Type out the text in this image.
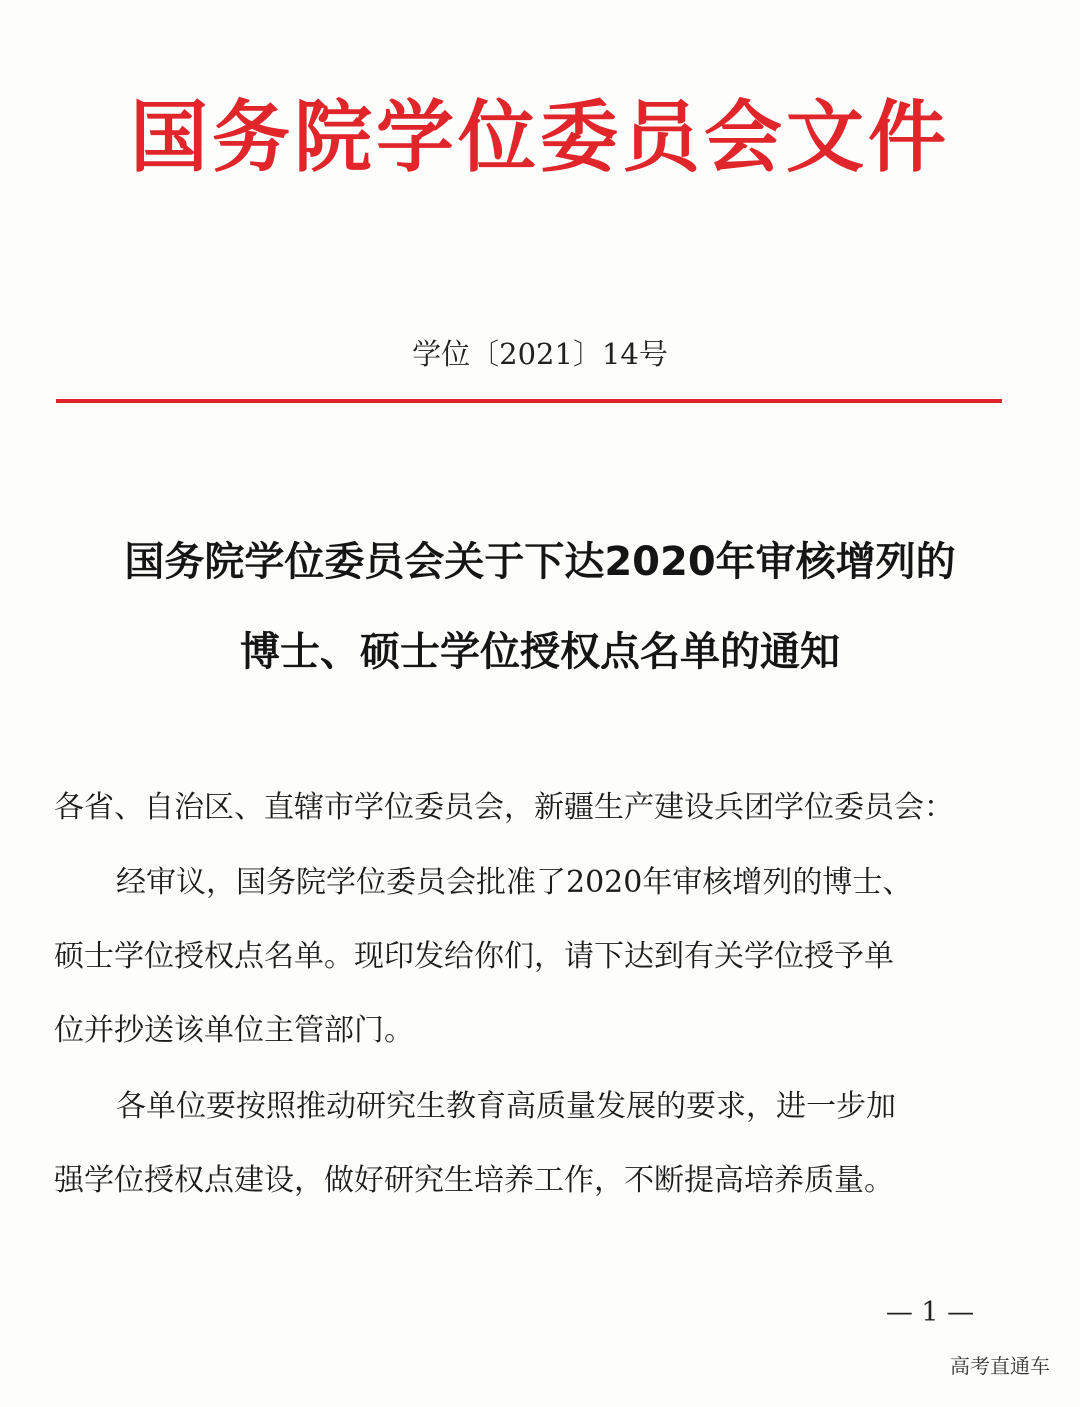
国务院学位委员会文件
学位〔2021〕14号
国务院学位委员会关于下达2020年审核增列的
博士、硕士学位授权点名单的通知
各省、自治区、直辖市学位委员会，新疆生产建设兵团学位委员会：
经审议，国务院学位委员会批准了2020年审核增列的博士、
硕士学位授权点名单。现印发给你们，请下达到有关学位授予单
位并抄送该单位主管部门。
各单位要按照推动研究生教育高质量发展的要求，进一步加
强学位授权点建设，做好研究生培养工作，不断提高培养质量。
— 1 —
高考直通车
